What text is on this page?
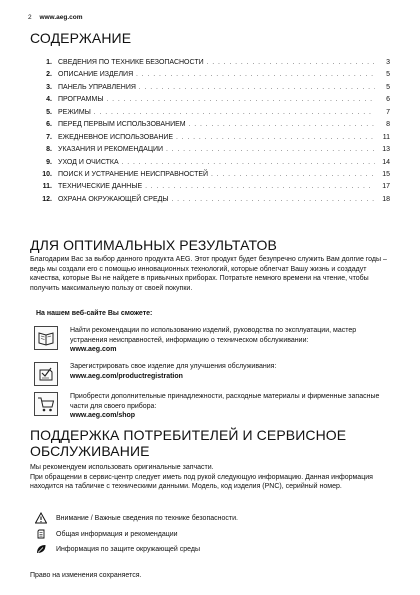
2 www.aeg.com
СОДЕРЖАНИЕ
1. СВЕДЕНИЯ ПО ТЕХНИКЕ БЕЗОПАСНОСТИ . . .	3
2. ОПИСАНИЕ ИЗДЕЛИЯ . . .	5
3. ПАНЕЛЬ УПРАВЛЕНИЯ . . .	5
4. ПРОГРАММЫ . . .	6
5. РЕЖИМЫ . . .	7
6. ПЕРЕД ПЕРВЫМ ИСПОЛЬЗОВАНИЕМ . . .	8
7. ЕЖЕДНЕВНОЕ ИСПОЛЬЗОВАНИЕ . . .	11
8. УКАЗАНИЯ И РЕКОМЕНДАЦИИ . . .	13
9. УХОД И ОЧИСТКА . . .	14
10. ПОИСК И УСТРАНЕНИЕ НЕИСПРАВНОСТЕЙ . . .	15
11. ТЕХНИЧЕСКИЕ ДАННЫЕ . . .	17
12. ОХРАНА ОКРУЖАЮЩЕЙ СРЕДЫ . . .	18
ДЛЯ ОПТИМАЛЬНЫХ РЕЗУЛЬТАТОВ

Благодарим Вас за выбор данного продукта AEG. Этот продукт будет безупречно служить Вам долгие годы – ведь мы создали его с помощью инновационных технологий, которые облегчат Вашу жизнь и создадут качества, которые Вы не найдете в привычных приборах. Потратьте немного времени на чтение, чтобы получить максимальную пользу от своей покупки.

На нашем веб-сайте Вы сможете:
Найти рекомендации по использованию изделий, руководства по эксплуатации, мастер устранения неисправностей, информацию о техническом обслуживании:
www.aeg.com
Зарегистрировать свое изделие для улучшения обслуживания:
www.aeg.com/productregistration
Приобрести дополнительные принадлежности, расходные материалы и фирменные запасные части для своего прибора:
www.aeg.com/shop
ПОДДЕРЖКА ПОТРЕБИТЕЛЕЙ И СЕРВИСНОЕ ОБСЛУЖИВАНИЕ

Мы рекомендуем использовать оригинальные запчасти.
При обращении в сервис-центр следует иметь под рукой следующую информацию. Данная информация находится на табличке с техническими данными. Модель, код изделия (PNC), серийный номер.

Внимание / Важные сведения по технике безопасности.
Общая информация и рекомендации
Информация по защите окружающей среды
Право на изменения сохраняется.
